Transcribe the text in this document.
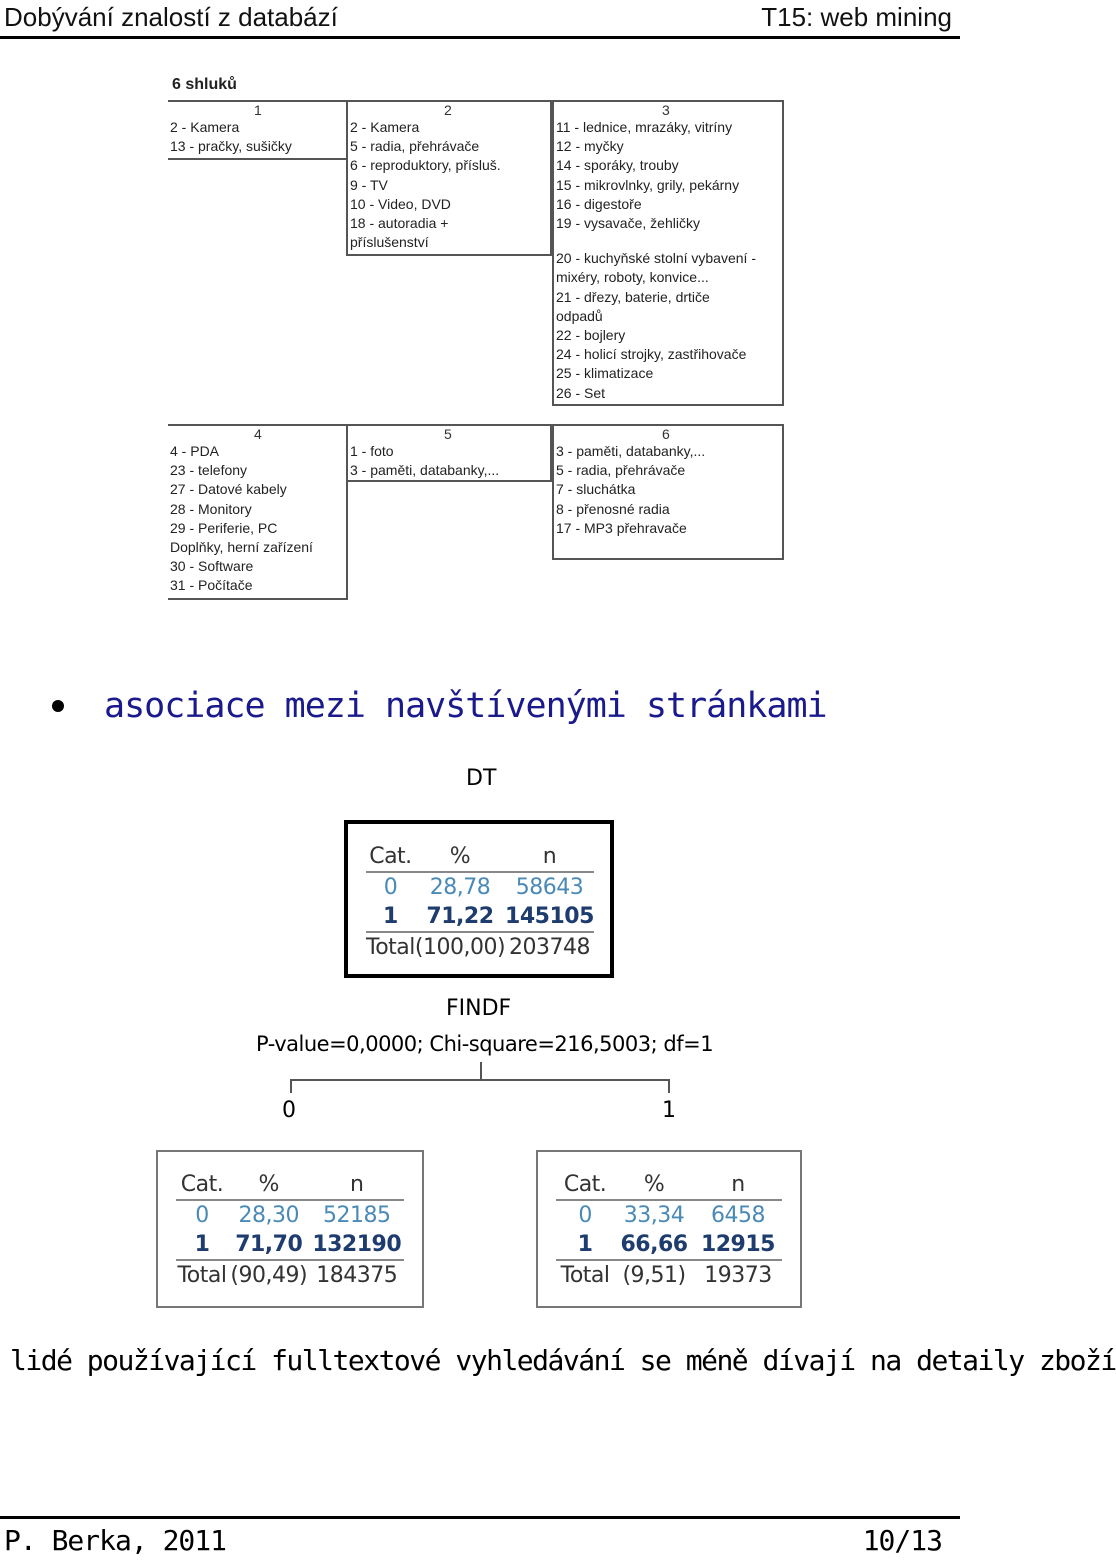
Dobývání znalostí z databází	T15: web mining
6 shluků
1	2	3
2 - Kamera
13 - pračky, sušičky
2 - Kamera
5 - radia, přehrávače
6 - reproduktory, přísluš.
9 - TV
10 - Video, DVD
18 - autoradia +
příslušenství
11 - lednice, mrazáky, vitríny
12 - myčky
14 - sporáky, trouby
15 - mikrovlnky, grily, pekárny
16 - digestoře
19 - vysavače, žehličky
20 - kuchyňské stolní vybavení -
mixéry, roboty, konvice...
21 - dřezy, baterie, drtiče
odpadů
22 - bojlery
24 - holicí strojky, zastřihovače
25 - klimatizace
26 - Set
4	5	6
4 - PDA
23 - telefony
27 - Datové kabely
28 - Monitory
29 - Periferie, PC
Doplňky, herní zařízení
30 - Software
31 - Počítače
1 - foto
3 - paměti, databanky,...
3 - paměti, databanky,...
5 - radia, přehrávače
7 - sluchátka
8 - přenosné radia
17 - MP3 přehravače
asociace mezi navštívenými stránkami
DT
Cat.	%	n
0	28,78	58643
1	71,22	145105
Total	(100,00)	203748
FINDF
P-value=0,0000; Chi-square=216,5003; df=1
0	1
Cat.	%	n
0	28,30	52185
1	71,70	132190
Total	(90,49)	184375
Cat.	%	n
0	33,34	6458
1	66,66	12915
Total	(9,51)	19373
lidé používající fulltextové vyhledávání se méně dívají na detaily zboží
P. Berka, 2011	10/13
